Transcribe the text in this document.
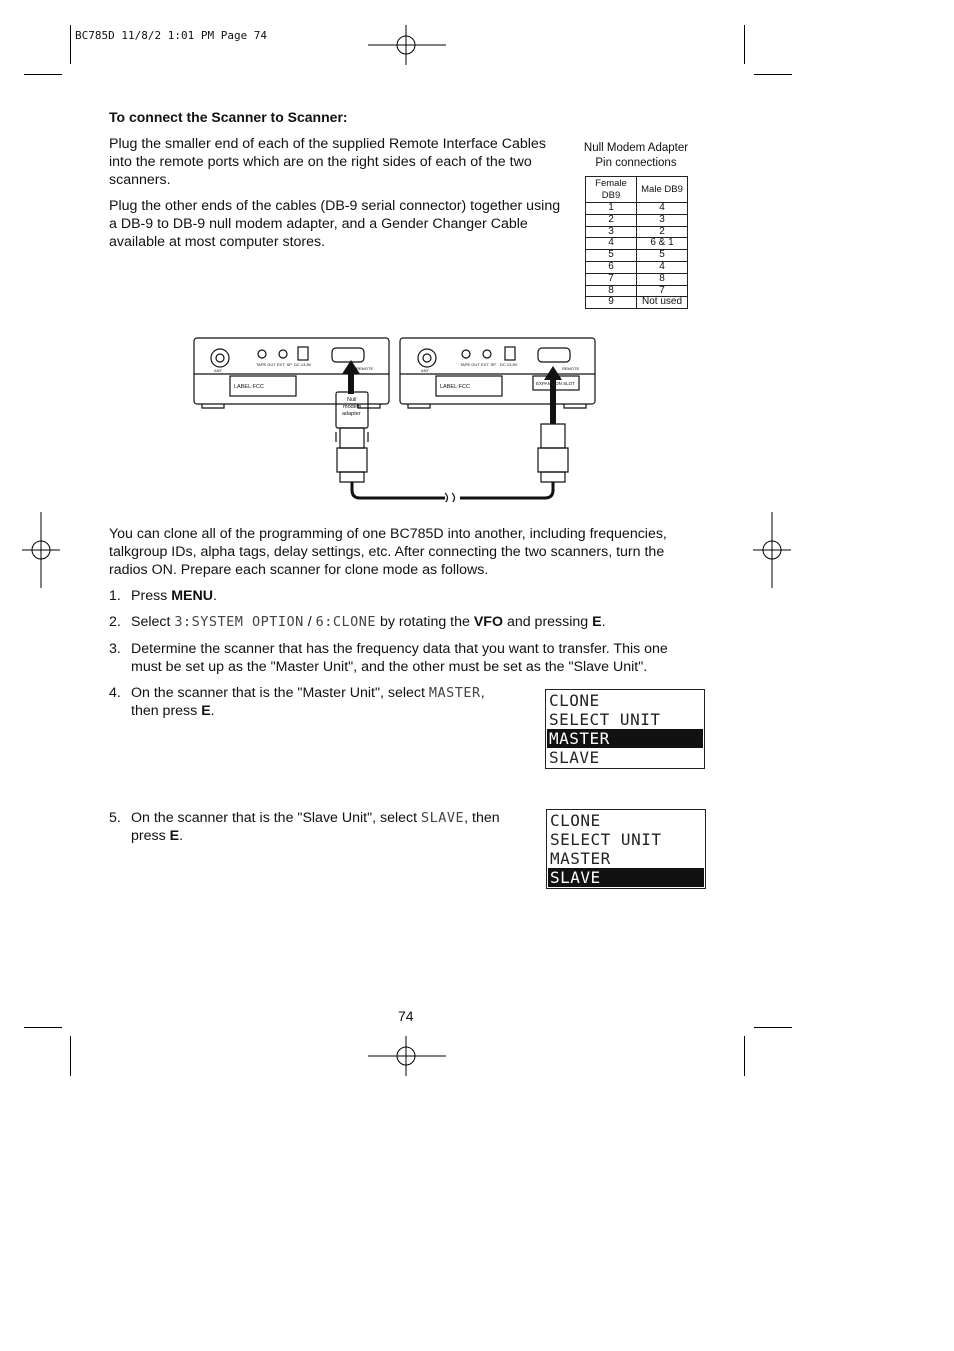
BC785D 11/8/2 1:01 PM Page 74
To connect the Scanner to Scanner:
Plug the smaller end of each of the supplied Remote Interface Cables into the remote ports which are on the right sides of each of the two scanners.
Plug the other ends of the cables (DB-9 serial connector) together using a DB-9 to DB-9 null modem adapter, and a Gender Changer Cable available at most computer stores.
Null Modem Adapter
Pin connections
Female DB9	Male DB9
1	4
2	3
3	2
4	6 & 1
5	5
6	4
7	8
8	7
9	Not used
LABEL:FCC	LABEL:FCC
EXPANSION SLOT
Null
modem
adapter
ANT	ANT
TAPE OUT	TAPE OUT
EXT. SP	EXT. SP
DC 13.8V	DC 13.8V
REMOTE	REMOTE
You can clone all of the programming of one BC785D into another, including frequencies, talkgroup IDs, alpha tags, delay settings, etc. After connecting the two scanners, turn the radios ON. Prepare each scanner for clone mode as follows.
1. Press MENU.
2. Select 3:SYSTEM OPTION / 6:CLONE by rotating the VFO and pressing E.
3. Determine the scanner that has the frequency data that you want to transfer. This one
must be set up as the "Master Unit", and the other must be set as the "Slave Unit".
4. On the scanner that is the "Master Unit", select MASTER,
then press E.
5. On the scanner that is the "Slave Unit", select SLAVE, then
press E.
CLONE
SELECT UNIT
MASTER
SLAVE
CLONE
SELECT UNIT
MASTER
SLAVE
74
